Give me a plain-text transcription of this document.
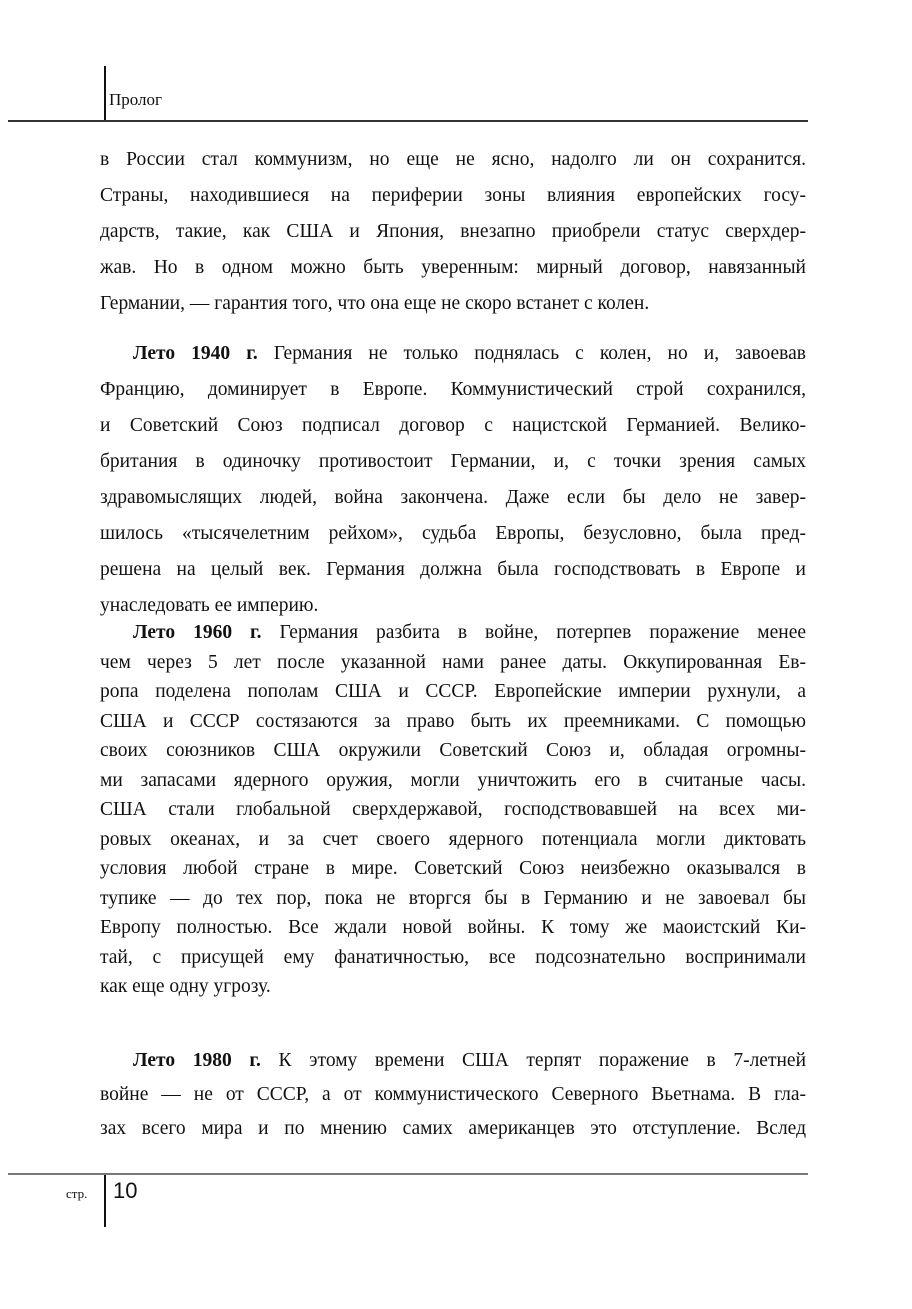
Пролог
в России стал коммунизм, но еще не ясно, надолго ли он сохранится.
Страны, находившиеся на периферии зоны влияния европейских госу-
дарств, такие, как США и Япония, внезапно приобрели статус сверхдер-
жав. Но в одном можно быть уверенным: мирный договор, навязанный
Германии, — гарантия того, что она еще не скоро встанет с колен.
Лето 1940 г. Германия не только поднялась с колен, но и, завоевав
Францию, доминирует в Европе. Коммунистический строй сохранился,
и Советский Союз подписал договор с нацистской Германией. Велико-
британия в одиночку противостоит Германии, и, с точки зрения самых
здравомыслящих людей, война закончена. Даже если бы дело не завер-
шилось «тысячелетним рейхом», судьба Европы, безусловно, была пред-
решена на целый век. Германия должна была господствовать в Европе и
унаследовать ее империю.
Лето 1960 г. Германия разбита в войне, потерпев поражение менее
чем через 5 лет после указанной нами ранее даты. Оккупированная Ев-
ропа поделена пополам США и СССР. Европейские империи рухнули, а
США и СССР состязаются за право быть их преемниками. С помощью
своих союзников США окружили Советский Союз и, обладая огромны-
ми запасами ядерного оружия, могли уничтожить его в считаные часы.
США стали глобальной сверхдержавой, господствовавшей на всех ми-
ровых океанах, и за счет своего ядерного потенциала могли диктовать
условия любой стране в мире. Советский Союз неизбежно оказывался в
тупике — до тех пор, пока не вторгся бы в Германию и не завоевал бы
Европу полностью. Все ждали новой войны. К тому же маоистский Ки-
тай, с присущей ему фанатичностью, все подсознательно воспринимали
как еще одну угрозу.
Лето 1980 г. К этому времени США терпят поражение в 7-летней
войне — не от СССР, а от коммунистического Северного Вьетнама. В гла-
зах всего мира и по мнению самих американцев это отступление. Вслед
стр. 10
